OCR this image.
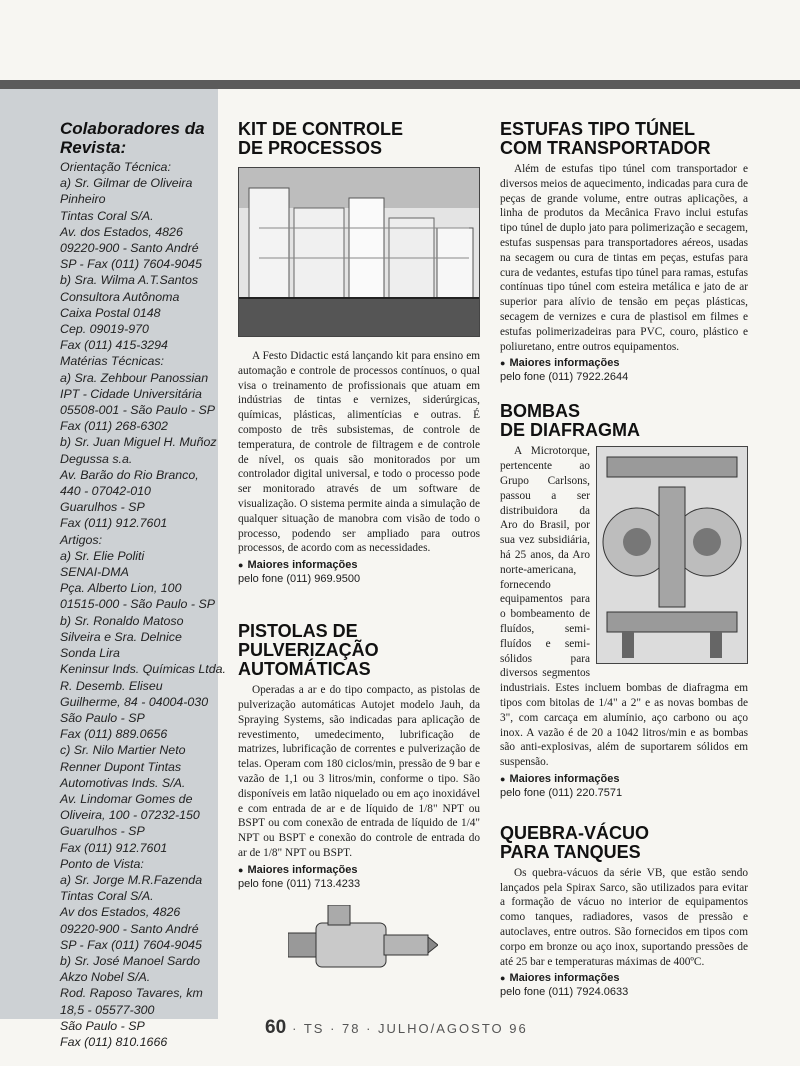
Colaboradores da Revista:
Orientação Técnica:
a) Sr. Gilmar de Oliveira
Pinheiro
Tintas Coral S/A.
Av. dos Estados, 4826
09220-900 - Santo André
SP - Fax (011) 7604-9045
b) Sra. Wilma A.T.Santos
Consultora Autônoma
Caixa Postal 0148
Cep. 09019-970
Fax (011) 415-3294
Matérias Técnicas:
a) Sra. Zehbour Panossian
IPT - Cidade Universitária
05508-001 - São Paulo - SP
Fax (011) 268-6302
b) Sr. Juan Miguel H. Muñoz
Degussa s.a.
Av. Barão do Rio Branco,
440 - 07042-010
Guarulhos - SP
Fax (011) 912.7601
Artigos:
a) Sr. Elie Politi
SENAI-DMA
Pça. Alberto Lion, 100
01515-000 - São Paulo - SP
b) Sr. Ronaldo Matoso
Silveira e Sra. Delnice
Sonda Lira
Keninsur Inds. Químicas Ltda.
R. Desemb. Eliseu
Guilherme, 84 - 04004-030
São Paulo - SP
Fax (011) 889.0656
c) Sr. Nilo Martier Neto
Renner Dupont Tintas
Automotivas Inds. S/A.
Av. Lindomar Gomes de
Oliveira, 100 - 07232-150
Guarulhos - SP
Fax (011) 912.7601
Ponto de Vista:
a) Sr. Jorge M.R.Fazenda
Tintas Coral S/A.
Av dos Estados, 4826
09220-900 - Santo André
SP - Fax (011) 7604-9045
b) Sr. José Manoel Sardo
Akzo Nobel S/A.
Rod. Raposo Tavares, km
18,5 - 05577-300
São Paulo - SP
Fax (011) 810.1666
KIT DE CONTROLE
DE PROCESSOS

A Festo Didactic está lançando kit para ensino em automação e controle de processos contínuos, o qual visa o treinamento de profissionais que atuam em indústrias de tintas e vernizes, siderúrgicas, químicas, plásticas, alimentícias e outras. É composto de três subsistemas, de controle de temperatura, de controle de filtragem e de controle de nível, os quais são monitorados por um controlador digital universal, e todo o processo pode ser monitorado através de um software de visualização. O sistema permite ainda a simulação de qualquer situação de manobra com visão de todo o processo, podendo ser ampliado para outros processos, de acordo com as necessidades.

● Maiores informações
pelo fone (011) 969.9500
PISTOLAS DE PULVERIZAÇÃO
AUTOMÁTICAS

Operadas a ar e do tipo compacto, as pistolas de pulverização automáticas Autojet modelo Jauh, da Spraying Systems, são indicadas para aplicação de revestimento, umedecimento, lubrificação de matrizes, lubrificação de correntes e pulverização de telas. Operam com 180 ciclos/min, pressão de 9 bar e vazão de 1,1 ou 3 litros/min, conforme o tipo. São disponíveis em latão niquelado ou em aço inoxidável e com entrada de ar e de líquido de 1/8" NPT ou BSPT ou com conexão de entrada de líquido de 1/4" NPT ou BSPT e conexão do controle de entrada do ar de 1/8" NPT ou BSPT.

● Maiores informações
pelo fone (011) 713.4233
ESTUFAS TIPO TÚNEL
COM TRANSPORTADOR

Além de estufas tipo túnel com transportador e diversos meios de aquecimento, indicadas para cura de peças de grande volume, entre outras aplicações, a linha de produtos da Mecânica Fravo inclui estufas tipo túnel de duplo jato para polimerização e secagem, estufas suspensas para transportadores aéreos, usadas na secagem ou cura de tintas em peças, estufas para cura de vedantes, estufas tipo túnel para ramas, estufas contínuas tipo túnel com esteira metálica e jato de ar superior para alívio de tensão em peças plásticas, secagem de vernizes e cura de plastisol em filmes e estufas polimerizadeiras para PVC, couro, plástico e poliuretano, entre outros equipamentos.

● Maiores informações
pelo fone (011) 7922.2644
BOMBAS
DE DIAFRAGMA

A Microtorque, pertencente ao Grupo Carlsons, passou a ser distribuidora da Aro do Brasil, por sua vez subsidiária, há 25 anos, da Aro norte-americana, fornecendo equipamentos para o bombeamento de fluídos, semi-fluídos e semi-sólidos para diversos segmentos industriais. Estes incluem bombas de diafragma em tipos com bitolas de 1/4" a 2" e as novas bombas de 3", com carcaça em alumínio, aço carbono ou aço inox. A vazão é de 20 a 1042 litros/min e as bombas são anti-explosivas, além de suportarem sólidos em suspensão.

● Maiores informações
pelo fone (011) 220.7571
QUEBRA-VÁCUO
PARA TANQUES

Os quebra-vácuos da série VB, que estão sendo lançados pela Spirax Sarco, são utilizados para evitar a formação de vácuo no interior de equipamentos como tanques, radiadores, vasos de pressão e autoclaves, entre outros. São fornecidos em tipos com corpo em bronze ou aço inox, suportando pressões de até 25 bar e temperaturas máximas de 400ºC.

● Maiores informações
pelo fone (011) 7924.0633
60 · TS · 78 · JULHO/AGOSTO 96
